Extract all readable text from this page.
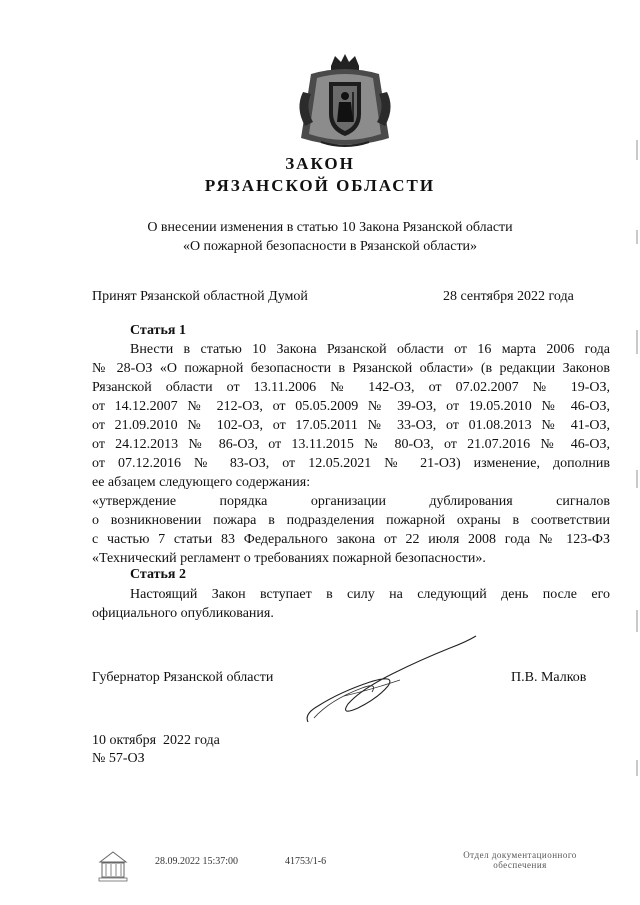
ЗАКОН
РЯЗАНСКОЙ ОБЛАСТИ
О внесении изменения в статью 10 Закона Рязанской области
«О пожарной безопасности в Рязанской области»
Принят Рязанской областной Думой	28 сентября 2022 года
Статья 1
Внести в статью 10 Закона Рязанской области от 16 марта 2006 года
№ 28-ОЗ «О пожарной безопасности в Рязанской области» (в редакции Законов
Рязанской области от 13.11.2006 № 142-ОЗ, от 07.02.2007 № 19-ОЗ,
от 14.12.2007 № 212-ОЗ, от 05.05.2009 № 39-ОЗ, от 19.05.2010 № 46-ОЗ,
от 21.09.2010 № 102-ОЗ, от 17.05.2011 № 33-ОЗ, от 01.08.2013 № 41-ОЗ,
от 24.12.2013 № 86-ОЗ, от 13.11.2015 № 80-ОЗ, от 21.07.2016 № 46-ОЗ,
от 07.12.2016 № 83-ОЗ, от 12.05.2021 № 21-ОЗ) изменение, дополнив
ее абзацем следующего содержания:
«утверждение порядка организации дублирования сигналов
о возникновении пожара в подразделения пожарной охраны в соответствии
с частью 7 статьи 83 Федерального закона от 22 июля 2008 года № 123-ФЗ
«Технический регламент о требованиях пожарной безопасности».
Статья 2
Настоящий Закон вступает в силу на следующий день после его
официального опубликования.
Губернатор Рязанской области	П.В. Малков
10 октября  2022 года
№ 57-ОЗ
28.09.2022 15:37:00	41753/1-6
Отдел документационного
обеспечения
